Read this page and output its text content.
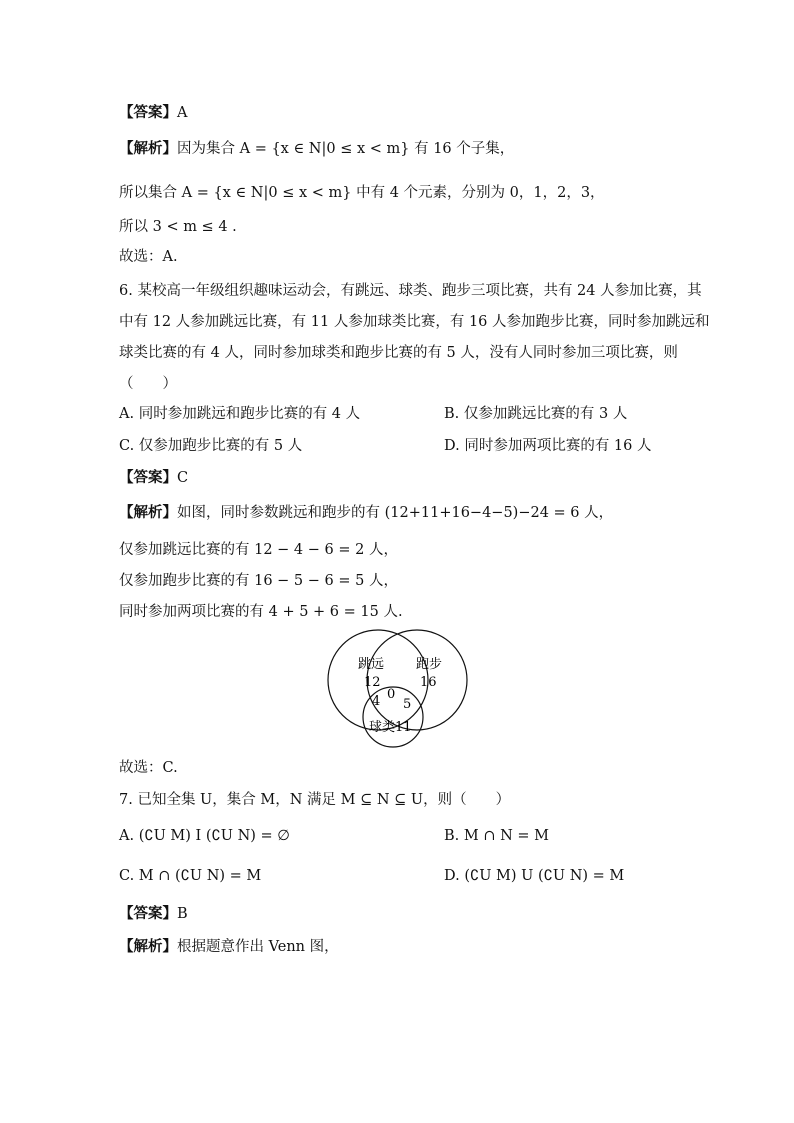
【答案】A
【解析】因为集合 A = {x ∈ N|0 ≤ x < m} 有 16 个子集，
所以集合 A = {x ∈ N|0 ≤ x < m} 中有 4 个元素，分别为 0，1，2，3，
所以 3 < m ≤ 4 .
故选：A.
6. 某校高一年级组织趣味运动会，有跳远、球类、跑步三项比赛，共有 24 人参加比赛，其
中有 12 人参加跳远比赛，有 11 人参加球类比赛，有 16 人参加跑步比赛，同时参加跳远和
球类比赛的有 4 人，同时参加球类和跑步比赛的有 5 人，没有人同时参加三项比赛，则
（　　）
A. 同时参加跳远和跑步比赛的有 4 人	B. 仅参加跳远比赛的有 3 人
C. 仅参加跑步比赛的有 5 人	D. 同时参加两项比赛的有 16 人
【答案】C
【解析】如图，同时参数跳远和跑步的有 (12+11+16−4−5)−24 = 6 人，
仅参加跳远比赛的有 12 − 4 − 6 = 2 人，
仅参加跑步比赛的有 16 − 5 − 6 = 5 人，
同时参加两项比赛的有 4 + 5 + 6 = 15 人.
跳远
12
跑步
16
4 0
5
球类11
故选：C.
7. 已知全集 U，集合 M，N 满足 M ⊆ N ⊆ U，则（　　）
A. (∁U M) I (∁U N) = ∅	B. M ∩ N = M
C. M ∩ (∁U N) = M	D. (∁U M) U (∁U N) = M
【答案】B
【解析】根据题意作出 Venn 图，
